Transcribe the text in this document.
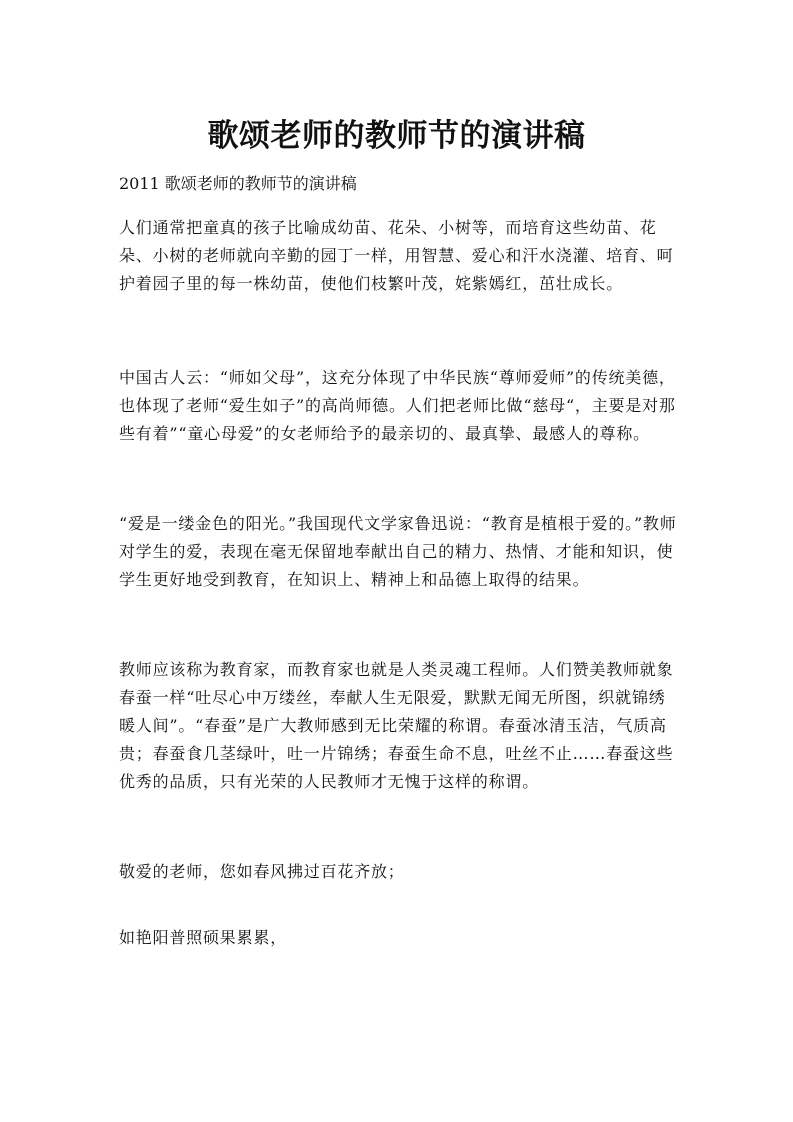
歌颂老师的教师节的演讲稿
2011 歌颂老师的教师节的演讲稿

人们通常把童真的孩子比喻成幼苗、花朵、小树等，而培育这些幼苗、花朵、小树的老师就向辛勤的园丁一样，用智慧、爱心和汗水浇灌、培育、呵护着园子里的每一株幼苗，使他们枝繁叶茂，姹紫嫣红，茁壮成长。

中国古人云：“师如父母”，这充分体现了中华民族“尊师爱师”的传统美德，也体现了老师“爱生如子”的高尚师德。人们把老师比做“慈母“，主要是对那些有着”“童心母爱”的女老师给予的最亲切的、最真挚、最感人的尊称。

“爱是一缕金色的阳光。”我国现代文学家鲁迅说：“教育是植根于爱的。”教师对学生的爱，表现在毫无保留地奉献出自己的精力、热情、才能和知识，使学生更好地受到教育，在知识上、精神上和品德上取得的结果。

教师应该称为教育家，而教育家也就是人类灵魂工程师。人们赞美教师就象春蚕一样“吐尽心中万缕丝，奉献人生无限爱，默默无闻无所图，织就锦绣暖人间”。“春蚕”是广大教师感到无比荣耀的称谓。春蚕冰清玉洁，气质高贵；春蚕食几茎绿叶，吐一片锦绣；春蚕生命不息，吐丝不止……春蚕这些优秀的品质，只有光荣的人民教师才无愧于这样的称谓。

敬爱的老师，您如春风拂过百花齐放；

如艳阳普照硕果累累，
